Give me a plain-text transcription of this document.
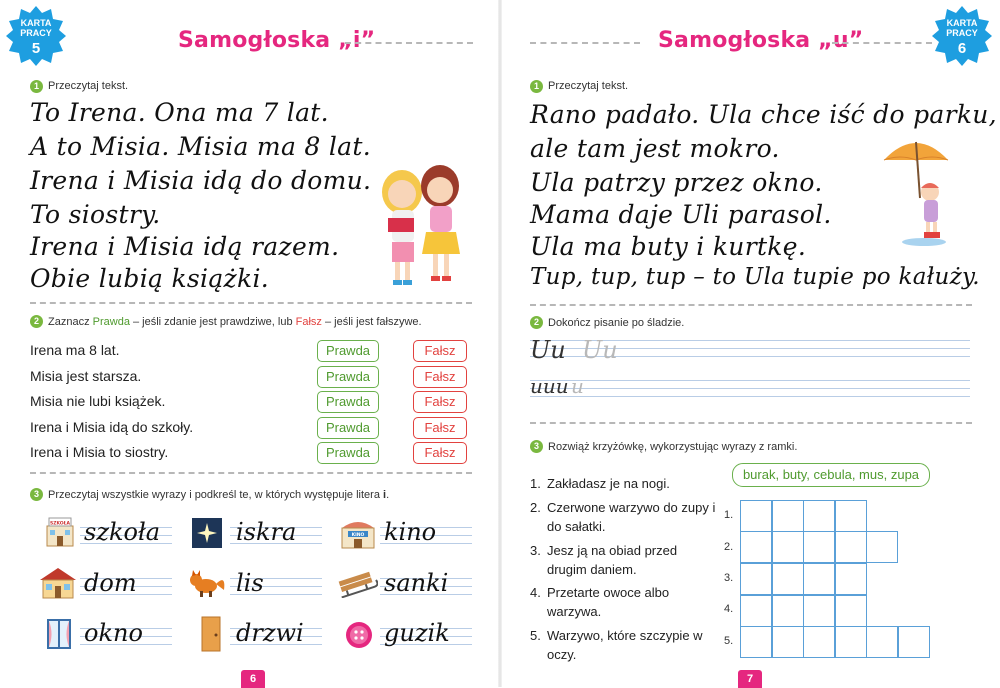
KARTA
PRACY
5	Samogłoska „i”
1 Przeczytaj tekst.
To Irena. Ona ma 7 lat.
A to Misia. Misia ma 8 lat.
Irena i Misia idą do domu.
To siostry.
Irena i Misia idą razem.
Obie lubią książki.
2 Zaznacz Prawda – jeśli zdanie jest prawdziwe, lub Fałsz – jeśli jest fałszywe.
Irena ma 8 lat.	Prawda	Fałsz
Misia jest starsza.	Prawda	Fałsz
Misia nie lubi książek.	Prawda	Fałsz
Irena i Misia idą do szkoły.	Prawda	Fałsz
Irena i Misia to siostry.	Prawda	Fałsz
3 Przeczytaj wszystkie wyrazy i podkreśl te, w których występuje litera i.
SZKOŁA szkoła	iskra	KINO kino
dom	lis	sanki
okno	drzwi	guzik
6
KARTA
PRACY
6
Samogłoska „u”
1 Przeczytaj tekst.
Rano padało. Ula chce iść do parku,
ale tam jest mokro.
Ula patrzy przez okno.
Mama daje Uli parasol.
Ula ma buty i kurtkę.
Tup, tup, tup – to Ula tupie po kałuży.
2 Dokończ pisanie po śladzie.
Uu Uu
uuu u
3 Rozwiąż krzyżówkę, wykorzystując wyrazy z ramki.
burak, buty, cebula, mus, zupa
1. Zakładasz je na nogi.
2. Czerwone warzywo do zupy i do sałatki.
3. Jesz ją na obiad przed drugim daniem.
4. Przetarte owoce albo warzywa.
5. Warzywo, które szczypie w oczy.
1.
2.
3.
4.
5.
7
